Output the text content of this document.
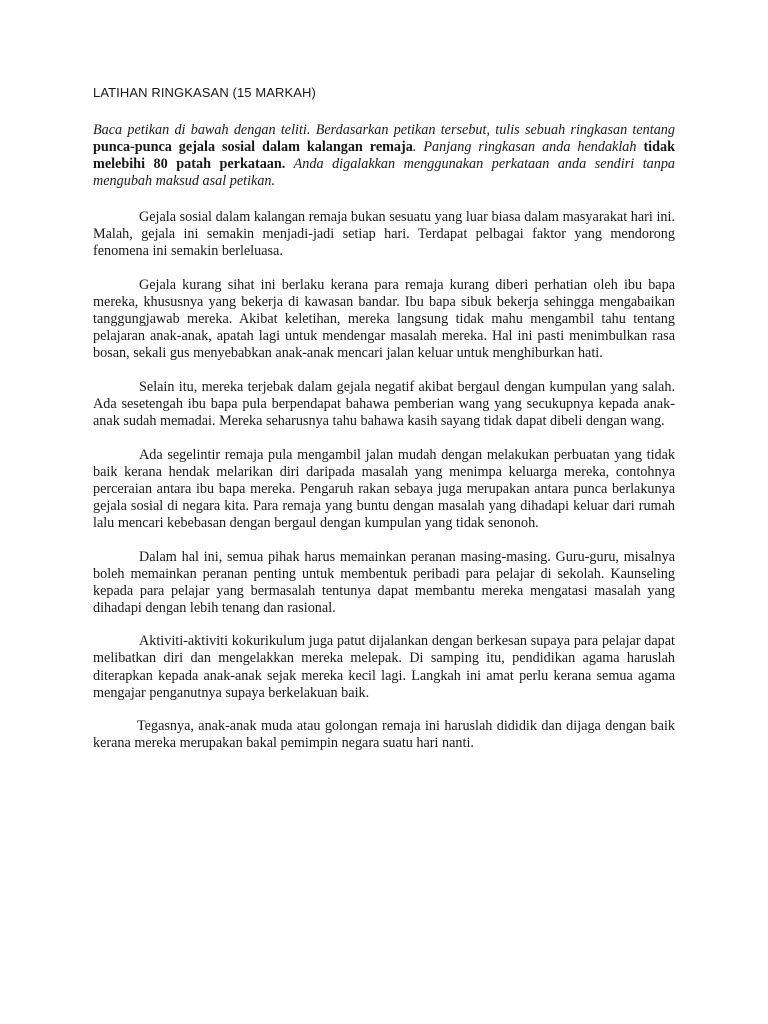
LATIHAN RINGKASAN (15 MARKAH)

Baca petikan di bawah dengan teliti. Berdasarkan petikan tersebut, tulis sebuah ringkasan tentang punca-punca gejala sosial dalam kalangan remaja. Panjang ringkasan anda hendaklah tidak melebihi 80 patah perkataan. Anda digalakkan menggunakan perkataan anda sendiri tanpa mengubah maksud asal petikan.

Gejala sosial dalam kalangan remaja bukan sesuatu yang luar biasa dalam masyarakat hari ini. Malah, gejala ini semakin menjadi-jadi setiap hari. Terdapat pelbagai faktor yang mendorong fenomena ini semakin berleluasa.

Gejala kurang sihat ini berlaku kerana para remaja kurang diberi perhatian oleh ibu bapa mereka, khususnya yang bekerja di kawasan bandar. Ibu bapa sibuk bekerja sehingga mengabaikan tanggungjawab mereka. Akibat keletihan, mereka langsung tidak mahu mengambil tahu tentang pelajaran anak-anak, apatah lagi untuk mendengar masalah mereka. Hal ini pasti menimbulkan rasa bosan, sekali gus menyebabkan anak-anak mencari jalan keluar untuk menghiburkan hati.

Selain itu, mereka terjebak dalam gejala negatif akibat bergaul dengan kumpulan yang salah. Ada sesetengah ibu bapa pula berpendapat bahawa pemberian wang yang secukupnya kepada anak-anak sudah memadai. Mereka seharusnya tahu bahawa kasih sayang tidak dapat dibeli dengan wang.

Ada segelintir remaja pula mengambil jalan mudah dengan melakukan perbuatan yang tidak baik kerana hendak melarikan diri daripada masalah yang menimpa keluarga mereka, contohnya perceraian antara ibu bapa mereka. Pengaruh rakan sebaya juga merupakan antara punca berlakunya gejala sosial di negara kita. Para remaja yang buntu dengan masalah yang dihadapi keluar dari rumah lalu mencari kebebasan dengan bergaul dengan kumpulan yang tidak senonoh.

Dalam hal ini, semua pihak harus memainkan peranan masing-masing. Guru-guru, misalnya boleh memainkan peranan penting untuk membentuk peribadi para pelajar di sekolah. Kaunseling kepada para pelajar yang bermasalah tentunya dapat membantu mereka mengatasi masalah yang dihadapi dengan lebih tenang dan rasional.

Aktiviti-aktiviti kokurikulum juga patut dijalankan dengan berkesan supaya para pelajar dapat melibatkan diri dan mengelakkan mereka melepak. Di samping itu, pendidikan agama haruslah diterapkan kepada anak-anak sejak mereka kecil lagi. Langkah ini amat perlu kerana semua agama mengajar penganutnya supaya berkelakuan baik.

Tegasnya, anak-anak muda atau golongan remaja ini haruslah dididik dan dijaga dengan baik kerana mereka merupakan bakal pemimpin negara suatu hari nanti.
